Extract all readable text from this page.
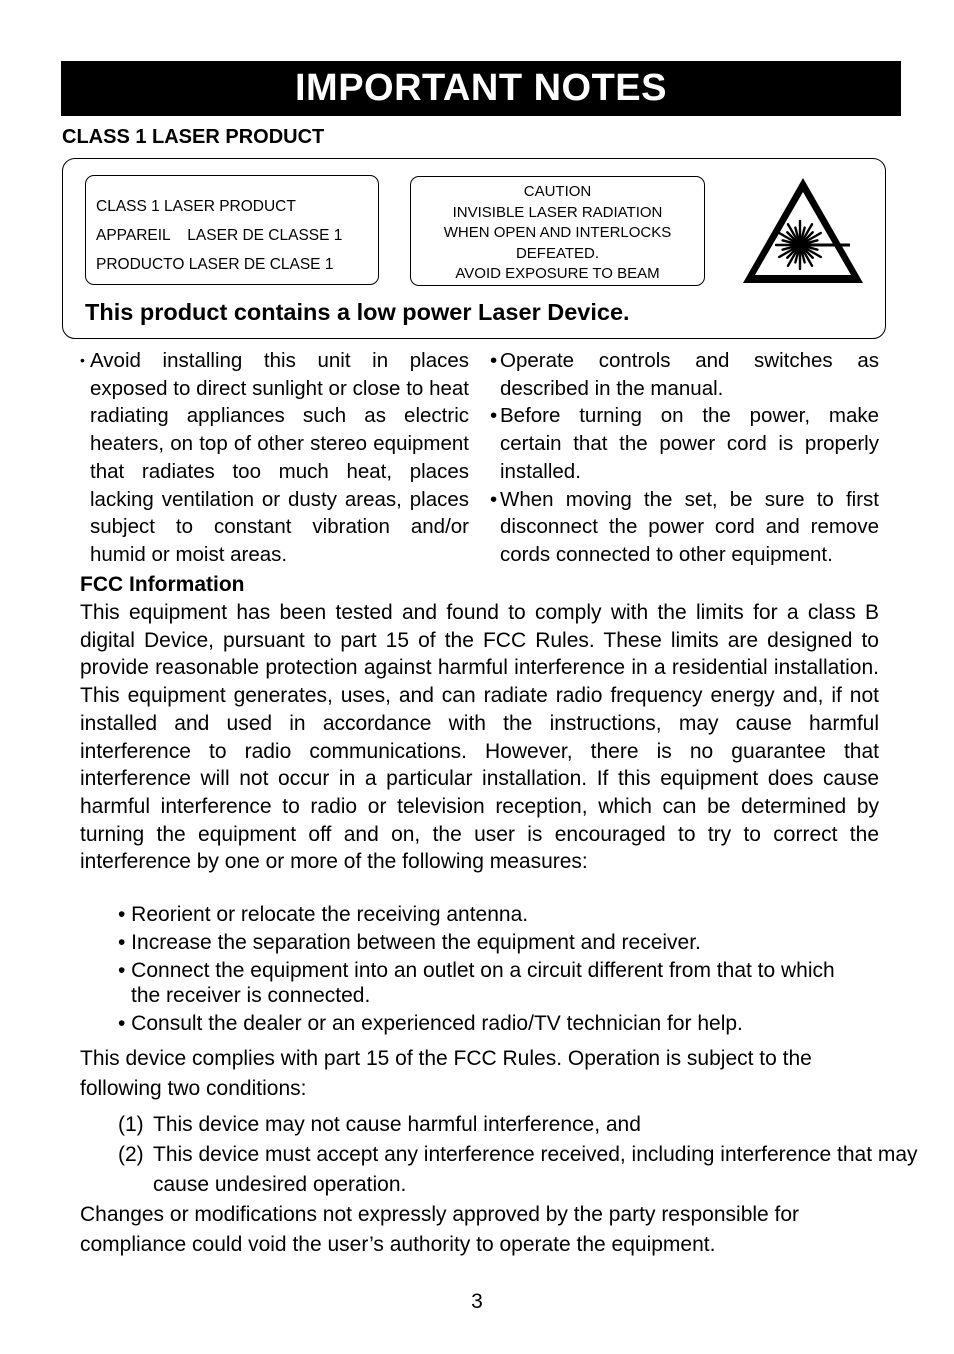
IMPORTANT NOTES
CLASS 1 LASER PRODUCT
CLASS 1 LASER PRODUCT
APPAREIL    LASER DE CLASSE 1
PRODUCTO LASER DE CLASE 1
CAUTION
INVISIBLE LASER RADIATION
WHEN OPEN AND INTERLOCKS
DEFEATED.
AVOID EXPOSURE TO BEAM
This product contains a low power Laser Device.
• Avoid installing this unit in places exposed to direct sunlight or close to heat radiating appliances such as electric heaters, on top of other stereo equipment that radiates too much heat, places lacking ventilation or dusty areas, places subject to constant vibration and/or humid or moist areas.
• Operate controls and switches as described in the manual.
• Before turning on the power, make certain that the power cord is properly installed.
• When moving the set, be sure to first disconnect the power cord and remove cords connected to other equipment.
FCC Information
This equipment has been tested and found to comply with the limits for a class B digital Device, pursuant to part 15 of the FCC Rules. These limits are designed to provide reasonable protection against harmful interference in a residential installation. This equipment generates, uses, and can radiate radio frequency energy and, if not installed and used in accordance with the instructions, may cause harmful interference to radio communications. However, there is no guarantee that interference will not occur in a particular installation. If this equipment does cause harmful interference to radio or television reception, which can be determined by turning the equipment off and on, the user is encouraged to try to correct the interference by one or more of the following measures:
• Reorient or relocate the receiving antenna.
• Increase the separation between the equipment and receiver.
• Connect the equipment into an outlet on a circuit different from that to which
the receiver is connected.
• Consult the dealer or an experienced radio/TV technician for help.
This device complies with part 15 of the FCC Rules. Operation is subject to the following two conditions:
(1) This device may not cause harmful interference, and
(2) This device must accept any interference received, including interference that may cause undesired operation.
Changes or modifications not expressly approved by the party responsible for compliance could void the user’s authority to operate the equipment.
3
